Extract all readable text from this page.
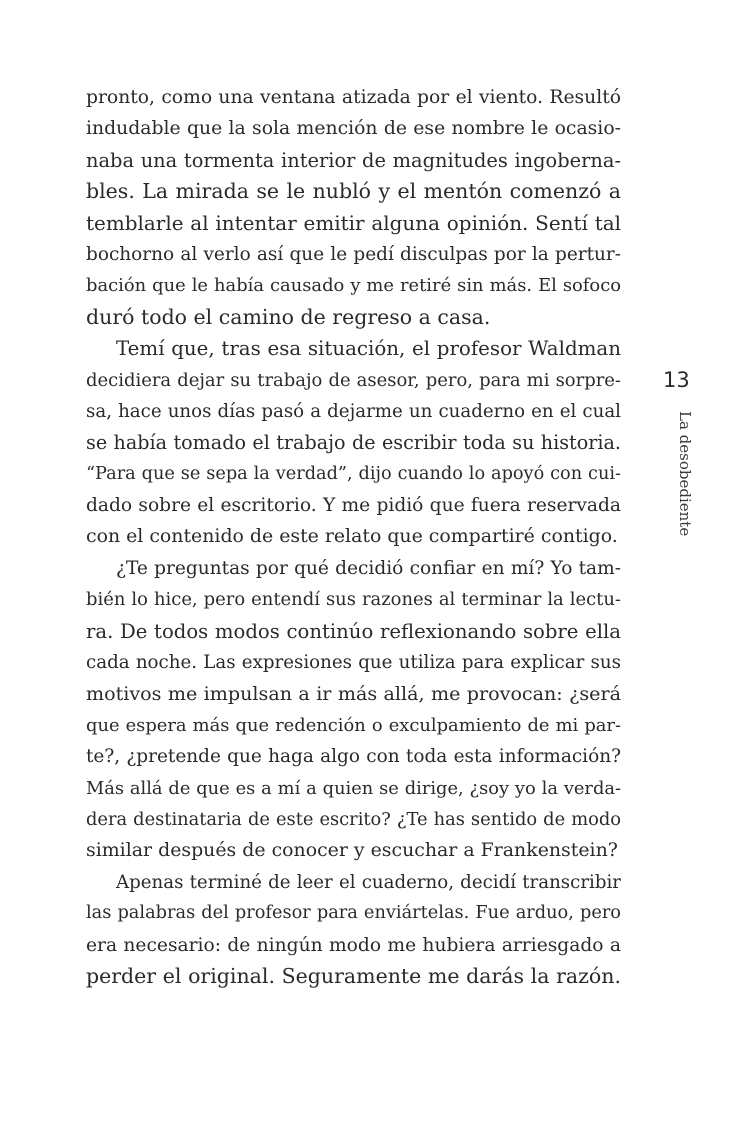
pronto, como una ventana atizada por el viento. Resultó
indudable que la sola mención de ese nombre le ocasio-
naba una tormenta interior de magnitudes ingoberna-
bles. La mirada se le nubló y el mentón comenzó a
temblarle al intentar emitir alguna opinión. Sentí tal
bochorno al verlo así que le pedí disculpas por la pertur-
bación que le había causado y me retiré sin más. El sofoco
duró todo el camino de regreso a casa.
Temí que, tras esa situación, el profesor Waldman
decidiera dejar su trabajo de asesor, pero, para mi sorpre-
sa, hace unos días pasó a dejarme un cuaderno en el cual
se había tomado el trabajo de escribir toda su historia.
“Para que se sepa la verdad”, dijo cuando lo apoyó con cui-
dado sobre el escritorio. Y me pidió que fuera reservada
con el contenido de este relato que compartiré contigo.
¿Te preguntas por qué decidió confiar en mí? Yo tam-
bién lo hice, pero entendí sus razones al terminar la lectu-
ra. De todos modos continúo reflexionando sobre ella
cada noche. Las expresiones que utiliza para explicar sus
motivos me impulsan a ir más allá, me provocan: ¿será
que espera más que redención o exculpamiento de mi par-
te?, ¿pretende que haga algo con toda esta información?
Más allá de que es a mí a quien se dirige, ¿soy yo la verda-
dera destinataria de este escrito? ¿Te has sentido de modo
similar después de conocer y escuchar a Frankenstein?
Apenas terminé de leer el cuaderno, decidí transcribir
las palabras del profesor para enviártelas. Fue arduo, pero
era necesario: de ningún modo me hubiera arriesgado a
perder el original. Seguramente me darás la razón.
13
La desobediente
